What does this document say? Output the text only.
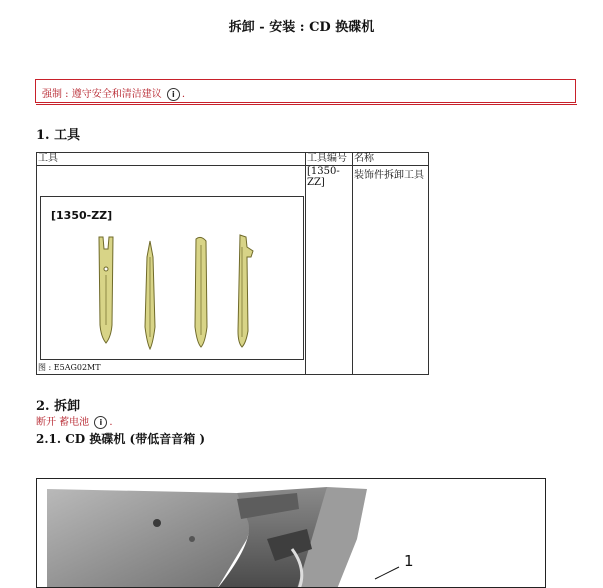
拆卸 - 安装 : CD 换碟机
强制 : 遵守安全和清洁建议 i .
1. 工具
工具	工具编号	名称
	[1350-ZZ]	装饰件拆卸工具
[1350-ZZ]
图 : E5AG02MT
2. 拆卸
断开 蓄电池 i .
2.1. CD 换碟机 (带低音音箱 )
1
